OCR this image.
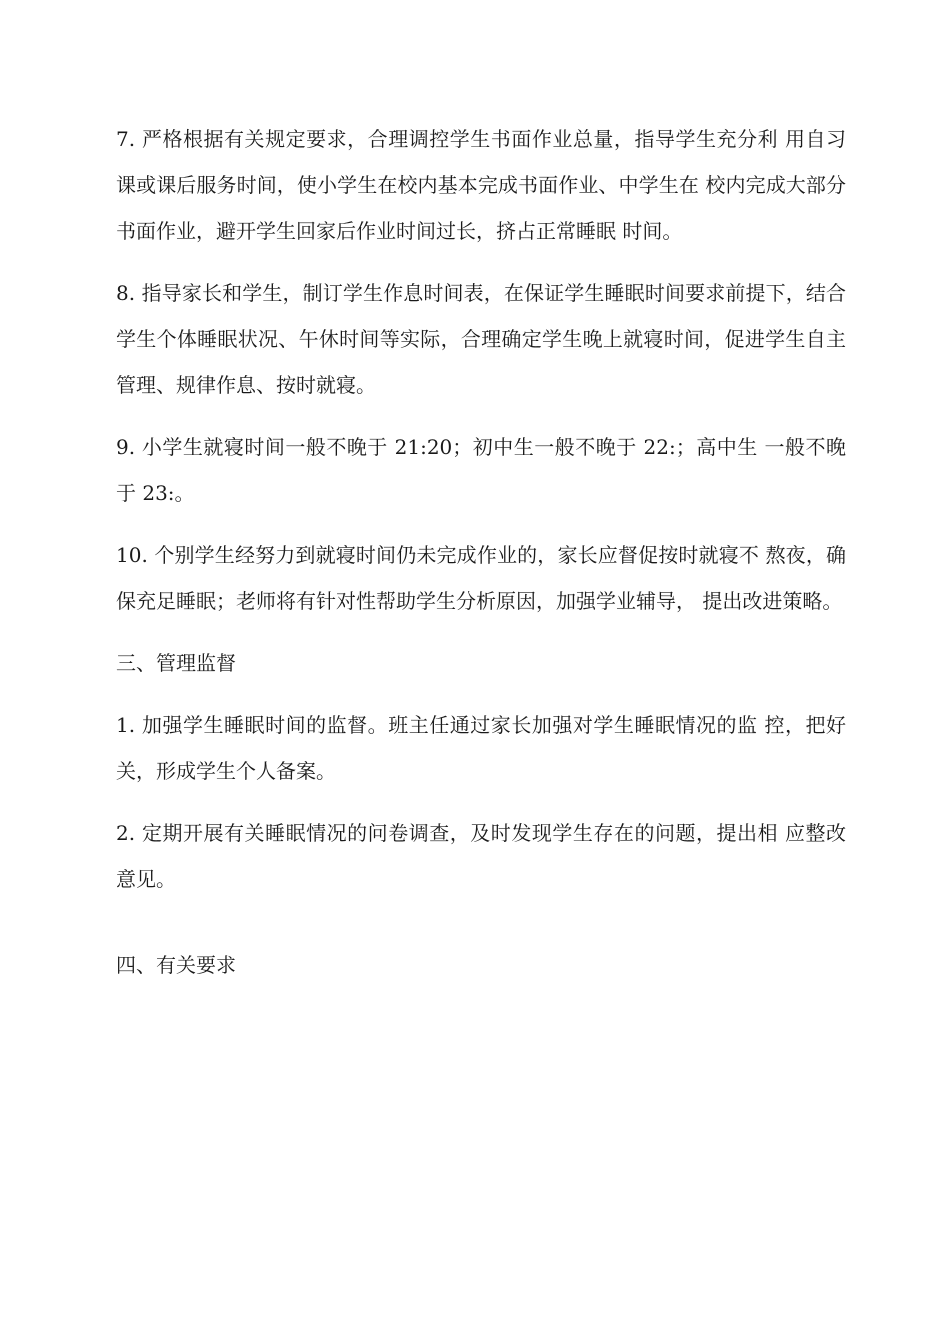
7. 严格根据有关规定要求，合理调控学生书面作业总量，指导学生充分利 用自习课或课后服务时间，使小学生在校内基本完成书面作业、中学生在 校内完成大部分书面作业，避开学生回家后作业时间过长，挤占正常睡眠 时间。

8. 指导家长和学生，制订学生作息时间表，在保证学生睡眠时间要求前提下，结合学生个体睡眠状况、午休时间等实际，合理确定学生晚上就寝时间，促进学生自主管理、规律作息、按时就寝。

9. 小学生就寝时间一般不晚于 21:20；初中生一般不晚于 22:；高中生 一般不晚于 23:。

10. 个别学生经努力到就寝时间仍未完成作业的，家长应督促按时就寝不 熬夜，确保充足睡眠；老师将有针对性帮助学生分析原因，加强学业辅导， 提出改进策略。

三、管理监督

1. 加强学生睡眠时间的监督。班主任通过家长加强对学生睡眠情况的监 控，把好关，形成学生个人备案。

2. 定期开展有关睡眠情况的问卷调查，及时发现学生存在的问题，提出相 应整改意见。

四、有关要求
